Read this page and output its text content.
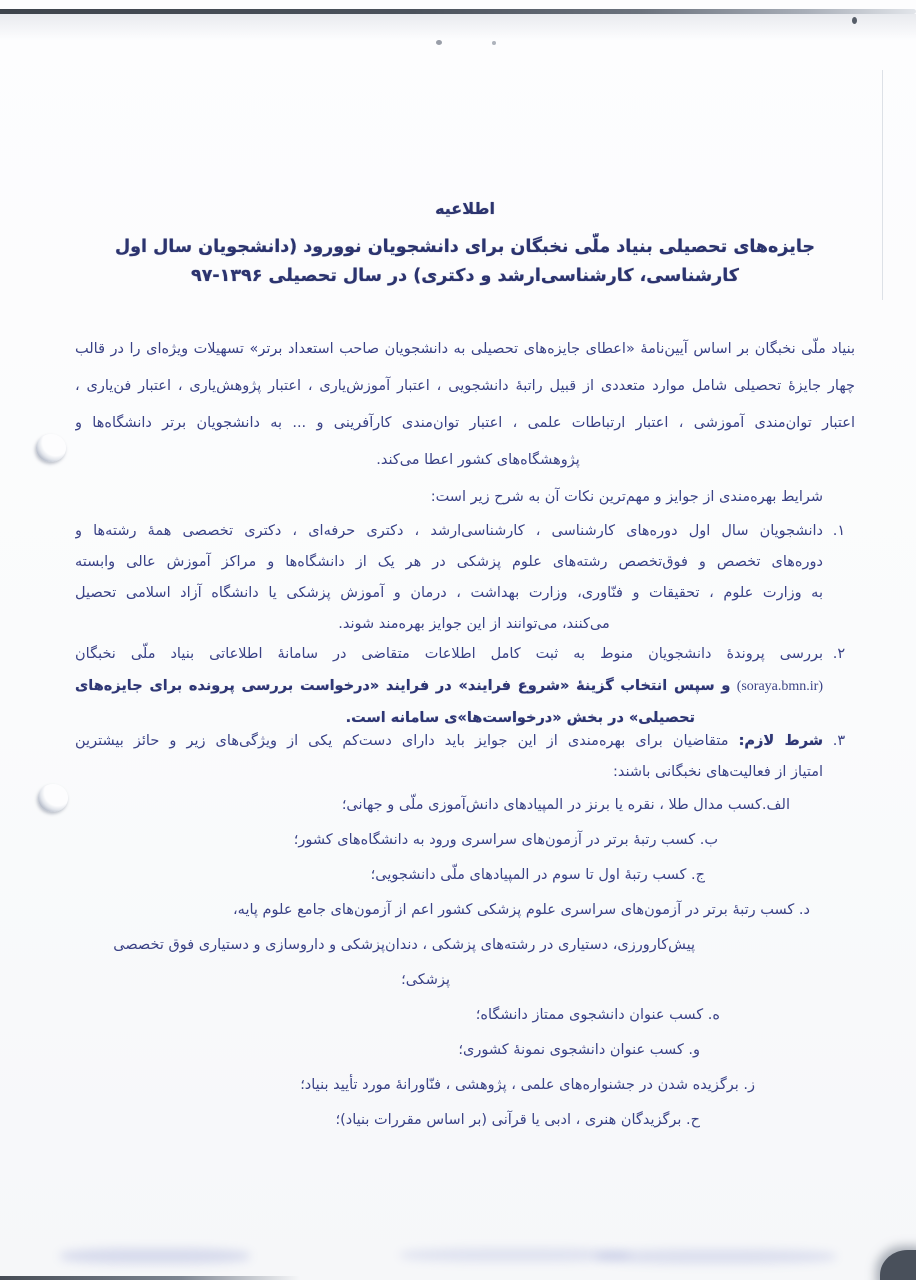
اطلاعیه
جایزه‌های تحصیلی بنیاد ملّی نخبگان برای دانشجویان نوورود (دانشجویان سال اول
کارشناسی، کارشناسی‌ارشد و دکتری) در سال تحصیلی ۹۷-۱۳۹۶
بنیاد ملّی نخبگان بر اساس آیین‌نامهٔ «اعطای جایزه‌های تحصیلی به دانشجویان صاحب استعداد برتر» تسهیلات ویژه‌ای را در قالب
چهار جایزهٔ تحصیلی شامل موارد متعددی از قبیل راتبهٔ دانشجویی ، اعتبار آموزش‌یاری ، اعتبار پژوهش‌یاری ، اعتبار فن‌یاری ،
اعتبار توان‌مندی آموزشی ، اعتبار ارتباطات علمی ، اعتبار توان‌مندی کارآفرینی و ... به دانشجویان برتر دانشگاه‌ها و
پژوهشگاه‌های کشور اعطا می‌کند.
شرایط بهره‌مندی از جوایز و مهم‌ترین نکات آن به شرح زیر است:
۱.
دانشجویان سال اول دوره‌های کارشناسی ، کارشناسی‌ارشد ، دکتری حرفه‌ای ، دکتری تخصصی همهٔ رشته‌ها و
دوره‌های تخصص و فوق‌تخصص رشته‌های علوم پزشکی در هر یک از دانشگاه‌ها و مراکز آموزش عالی وابسته
به وزارت علوم ، تحقیقات و فنّاوری، وزارت بهداشت ، درمان و آموزش پزشکی یا دانشگاه آزاد اسلامی تحصیل
می‌کنند، می‌توانند از این جوایز بهره‌مند شوند.
۲.
بررسی پروندهٔ دانشجویان منوط به ثبت کامل اطلاعات متقاضی در سامانهٔ اطلاعاتی بنیاد ملّی نخبگان
(soraya.bmn.ir) و سپس انتخاب گزینهٔ «شروع فرایند» در فرایند «درخواست بررسی پرونده برای جایزه‌های
تحصیلی» در بخش «درخواست‌ها»ی سامانه است.
۳.
شرط لازم: متقاضیان برای بهره‌مندی از این جوایز باید دارای دست‌کم یکی از ویژگی‌های زیر و حائز بیشترین
امتیاز از فعالیت‌های نخبگانی باشند:
الف.کسب مدال طلا ، نقره یا برنز در المپیادهای دانش‌آموزی ملّی و جهانی؛
ب. کسب رتبهٔ برتر در آزمون‌های سراسری ورود به دانشگاه‌های کشور؛
ج. کسب رتبهٔ اول تا سوم در المپیادهای ملّی دانشجویی؛
د. کسب رتبهٔ برتر در آزمون‌های سراسری علوم پزشکی کشور اعم از آزمون‌های جامع علوم پایه،
پیش‌کارورزی، دستیاری در رشته‌های پزشکی ، دندان‌پزشکی و داروسازی و دستیاری فوق تخصصی
پزشکی؛
ه. کسب عنوان دانشجوی ممتاز دانشگاه؛
و. کسب عنوان دانشجوی نمونهٔ کشوری؛
ز. برگزیده شدن در جشنواره‌های علمی ، پژوهشی ، فنّاورانهٔ مورد تأیید بنیاد؛
ح. برگزیدگان هنری ، ادبی یا قرآنی (بر اساس مقررات بنیاد)؛
